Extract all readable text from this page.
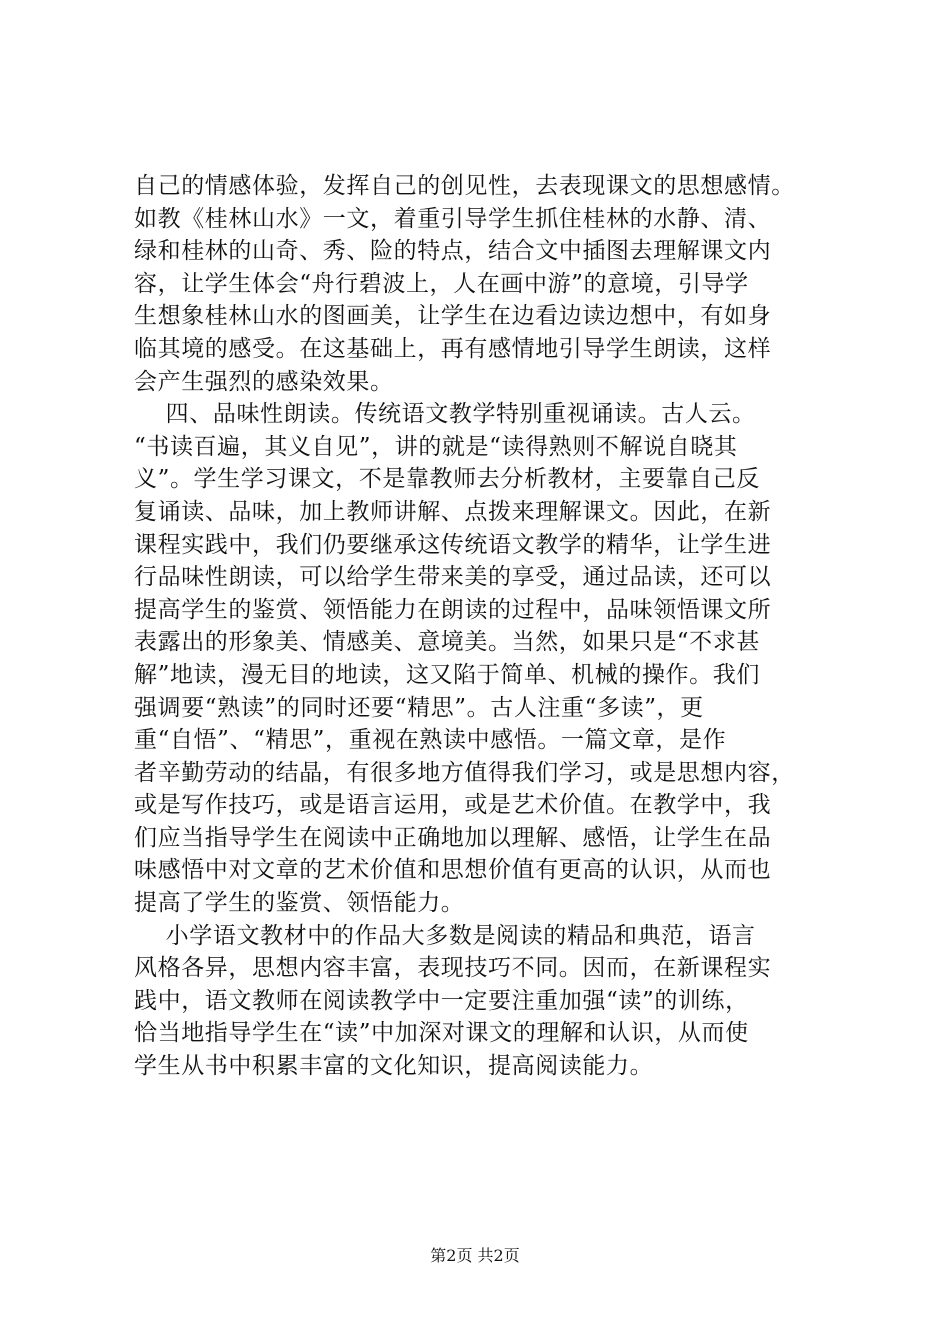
自己的情感体验，发挥自己的创见性，去表现课文的思想感情。
如教《桂林山水》一文，着重引导学生抓住桂林的水静、清、
绿和桂林的山奇、秀、险的特点，结合文中插图去理解课文内
容，让学生体会“舟行碧波上，人在画中游”的意境，引导学
生想象桂林山水的图画美，让学生在边看边读边想中，有如身
临其境的感受。在这基础上，再有感情地引导学生朗读，这样
会产生强烈的感染效果。
四、品味性朗读。传统语文教学特别重视诵读。古人云。
“书读百遍，其义自见”，讲的就是“读得熟则不解说自晓其
义”。学生学习课文，不是靠教师去分析教材，主要靠自己反
复诵读、品味，加上教师讲解、点拨来理解课文。因此，在新
课程实践中，我们仍要继承这传统语文教学的精华，让学生进
行品味性朗读，可以给学生带来美的享受，通过品读，还可以
提高学生的鉴赏、领悟能力在朗读的过程中，品味领悟课文所
表露出的形象美、情感美、意境美。当然，如果只是“不求甚
解”地读，漫无目的地读，这又陷于简单、机械的操作。我们
强调要“熟读”的同时还要“精思”。古人注重“多读”，更
重“自悟”、“精思”，重视在熟读中感悟。一篇文章，是作
者辛勤劳动的结晶，有很多地方值得我们学习，或是思想内容，
或是写作技巧，或是语言运用，或是艺术价值。在教学中，我
们应当指导学生在阅读中正确地加以理解、感悟，让学生在品
味感悟中对文章的艺术价值和思想价值有更高的认识，从而也
提高了学生的鉴赏、领悟能力。
小学语文教材中的作品大多数是阅读的精品和典范，语言
风格各异，思想内容丰富，表现技巧不同。因而，在新课程实
践中，语文教师在阅读教学中一定要注重加强“读”的训练，
恰当地指导学生在“读”中加深对课文的理解和认识，从而使
学生从书中积累丰富的文化知识，提高阅读能力。
第2页 共2页
